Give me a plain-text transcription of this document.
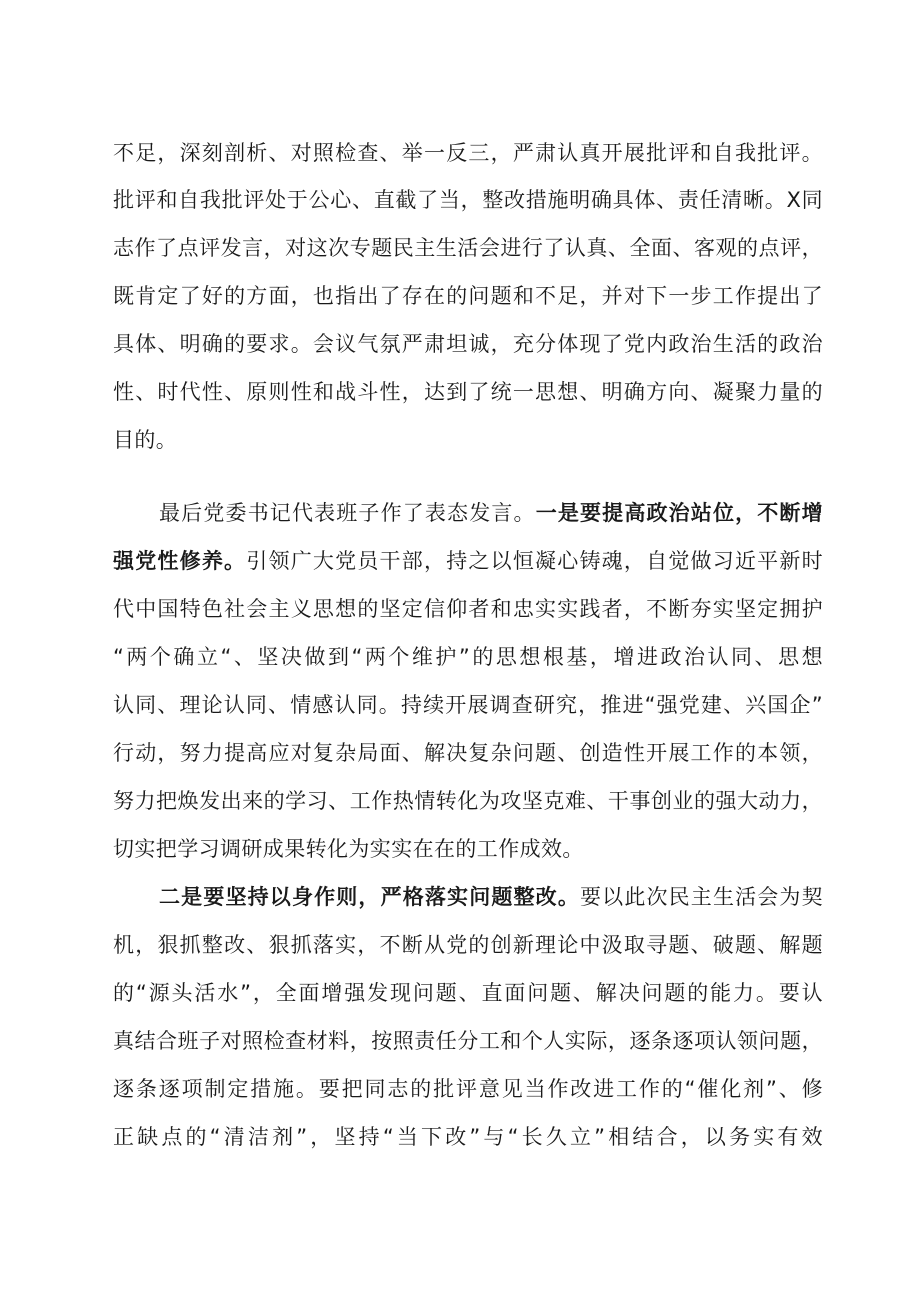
不足，深刻剖析、对照检查、举一反三，严肃认真开展批评和自我批评。
批评和自我批评处于公心、直截了当，整改措施明确具体、责任清晰。X同
志作了点评发言，对这次专题民主生活会进行了认真、全面、客观的点评，
既肯定了好的方面，也指出了存在的问题和不足，并对下一步工作提出了
具体、明确的要求。会议气氛严肃坦诚，充分体现了党内政治生活的政治
性、时代性、原则性和战斗性，达到了统一思想、明确方向、凝聚力量的
目的。
最后党委书记代表班子作了表态发言。一是要提高政治站位，不断增
强党性修养。引领广大党员干部，持之以恒凝心铸魂，自觉做习近平新时
代中国特色社会主义思想的坚定信仰者和忠实实践者，不断夯实坚定拥护
“两个确立“、坚决做到“两个维护”的思想根基，增进政治认同、思想
认同、理论认同、情感认同。持续开展调查研究，推进“强党建、兴国企”
行动，努力提高应对复杂局面、解决复杂问题、创造性开展工作的本领，
努力把焕发出来的学习、工作热情转化为攻坚克难、干事创业的强大动力，
切实把学习调研成果转化为实实在在的工作成效。
二是要坚持以身作则，严格落实问题整改。要以此次民主生活会为契
机，狠抓整改、狠抓落实，不断从党的创新理论中汲取寻题、破题、解题
的“源头活水”，全面增强发现问题、直面问题、解决问题的能力。要认
真结合班子对照检查材料，按照责任分工和个人实际，逐条逐项认领问题，
逐条逐项制定措施。要把同志的批评意见当作改进工作的“催化剂”、修
正缺点的“清洁剂”，坚持“当下改”与“长久立”相结合，以务实有效
